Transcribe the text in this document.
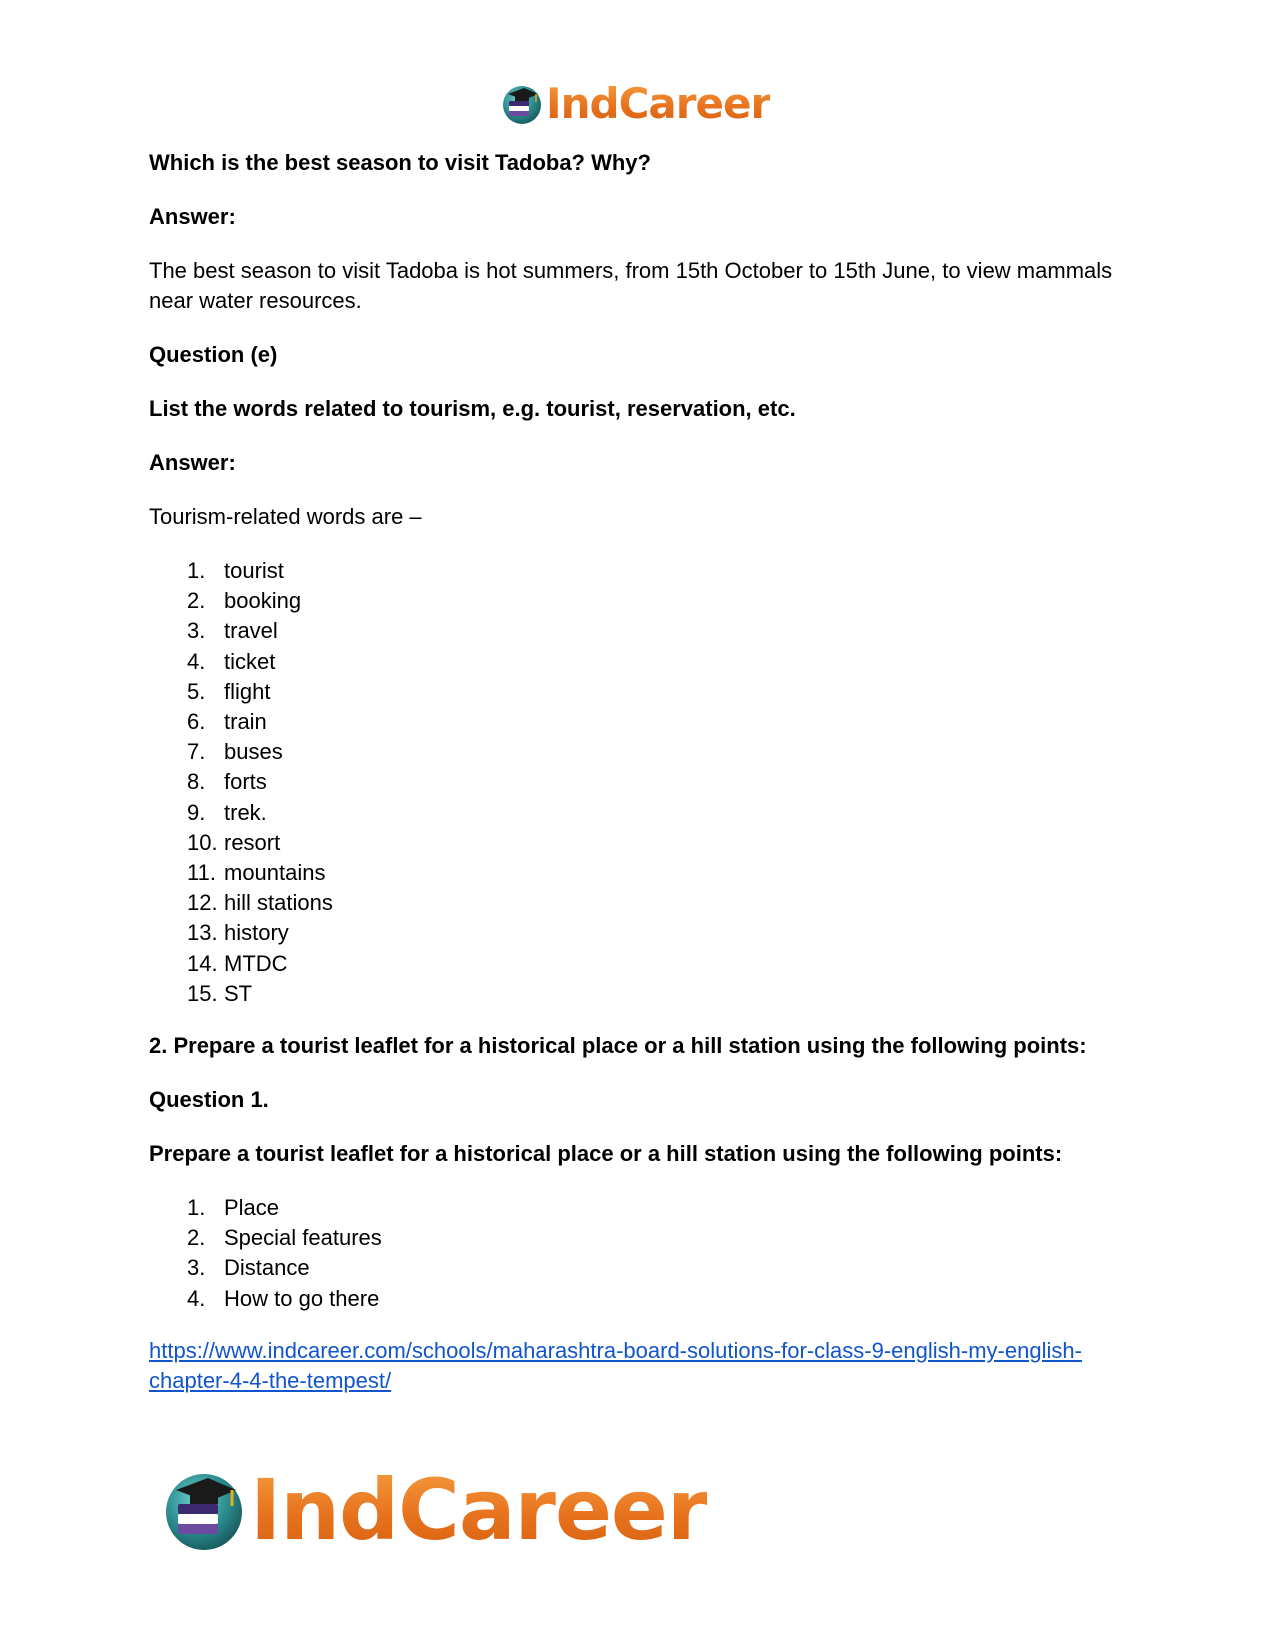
IndCareer

Which is the best season to visit Tadoba? Why?

Answer:

The best season to visit Tadoba is hot summers, from 15th October to 15th June, to view mammals near water resources.

Question (e)

List the words related to tourism, e.g. tourist, reservation, etc.

Answer:

Tourism-related words are –

1. tourist
2. booking
3. travel
4. ticket
5. flight
6. train
7. buses
8. forts
9. trek.
10. resort
11. mountains
12. hill stations
13. history
14. MTDC
15. ST

2. Prepare a tourist leaflet for a historical place or a hill station using the following points:

Question 1.

Prepare a tourist leaflet for a historical place or a hill station using the following points:

1. Place
2. Special features
3. Distance
4. How to go there
https://www.indcareer.com/schools/maharashtra-board-solutions-for-class-9-english-my-english-chapter-4-4-the-tempest/
IndCareer
